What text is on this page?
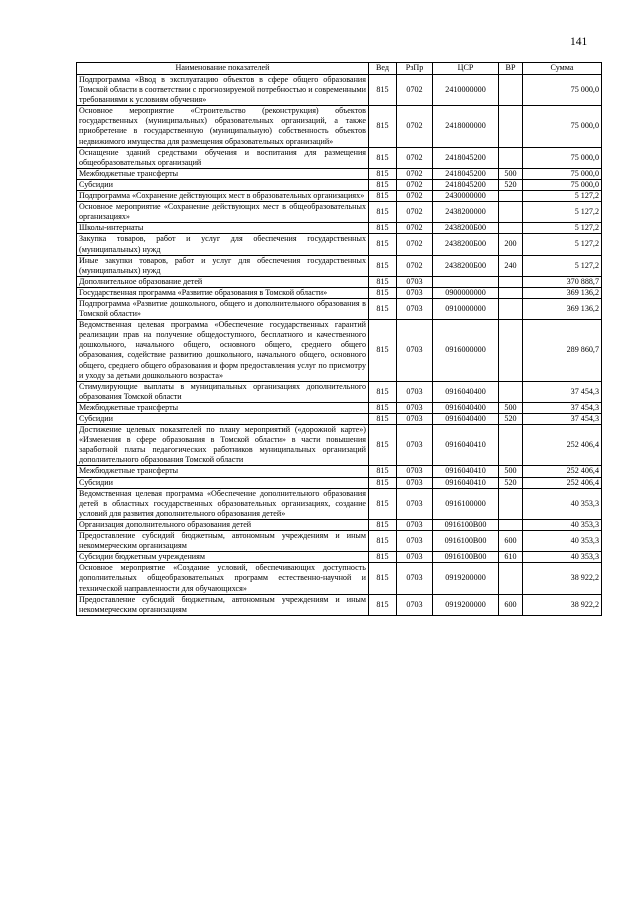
141
Наименование показателей	Вед	РзПр	ЦСР	ВР	Сумма
Подпрограмма «Ввод в эксплуатацию объектов в сфере общего образования Томской области в соответствии с прогнозируемой потребностью и современными требованиями к условиям обучения»	815	0702	2410000000		75 000,0
Основное мероприятие «Строительство (реконструкция) объектов государственных (муниципальных) образовательных организаций, а также приобретение в государственную (муниципальную) собственность объектов недвижимого имущества для размещения образовательных организаций»	815	0702	2418000000		75 000,0
Оснащение зданий средствами обучения и воспитания для размещения общеобразовательных организаций	815	0702	2418045200		75 000,0
Межбюджетные трансферты	815	0702	2418045200	500	75 000,0
Субсидии	815	0702	2418045200	520	75 000,0
Подпрограмма «Сохранение действующих мест в образовательных организациях»	815	0702	2430000000		5 127,2
Основное мероприятие «Сохранение действующих мест в общеобразовательных организациях»	815	0702	2438200000		5 127,2
Школы-интернаты	815	0702	2438200Б00		5 127,2
Закупка товаров, работ и услуг для обеспечения государственных (муниципальных) нужд	815	0702	2438200Б00	200	5 127,2
Иные закупки товаров, работ и услуг для обеспечения государственных (муниципальных) нужд	815	0702	2438200Б00	240	5 127,2
Дополнительное образование детей	815	0703			370 888,7
Государственная программа «Развитие образования в Томской области»	815	0703	0900000000		369 136,2
Подпрограмма «Развитие дошкольного, общего и дополнительного образования в Томской области»	815	0703	0910000000		369 136,2
Ведомственная целевая программа «Обеспечение государственных гарантий реализации прав на получение общедоступного, бесплатного и качественного дошкольного, начального общего, основного общего, среднего общего образования, содействие развитию дошкольного, начального общего, основного общего, среднего общего образования и форм предоставления услуг по присмотру и уходу за детьми дошкольного возраста»	815	0703	0916000000		289 860,7
Стимулирующие выплаты в муниципальных организациях дополнительного образования Томской области	815	0703	0916040400		37 454,3
Межбюджетные трансферты	815	0703	0916040400	500	37 454,3
Субсидии	815	0703	0916040400	520	37 454,3
Достижение целевых показателей по плану мероприятий («дорожной карте») «Изменения в сфере образования в Томской области» в части повышения заработной платы педагогических работников муниципальных организаций дополнительного образования Томской области	815	0703	0916040410		252 406,4
Межбюджетные трансферты	815	0703	0916040410	500	252 406,4
Субсидии	815	0703	0916040410	520	252 406,4
Ведомственная целевая программа «Обеспечение дополнительного образования детей в областных государственных образовательных организациях, создание условий для развития дополнительного образования детей»	815	0703	0916100000		40 353,3
Организация дополнительного образования детей	815	0703	0916100В00		40 353,3
Предоставление субсидий бюджетным, автономным учреждениям и иным некоммерческим организациям	815	0703	0916100В00	600	40 353,3
Субсидии бюджетным учреждениям	815	0703	0916100В00	610	40 353,3
Основное мероприятие «Создание условий, обеспечивающих доступность дополнительных общеобразовательных программ естественно-научной и технической направленности для обучающихся»	815	0703	0919200000		38 922,2
Предоставление субсидий бюджетным, автономным учреждениям и иным некоммерческим организациям	815	0703	0919200000	600	38 922,2
